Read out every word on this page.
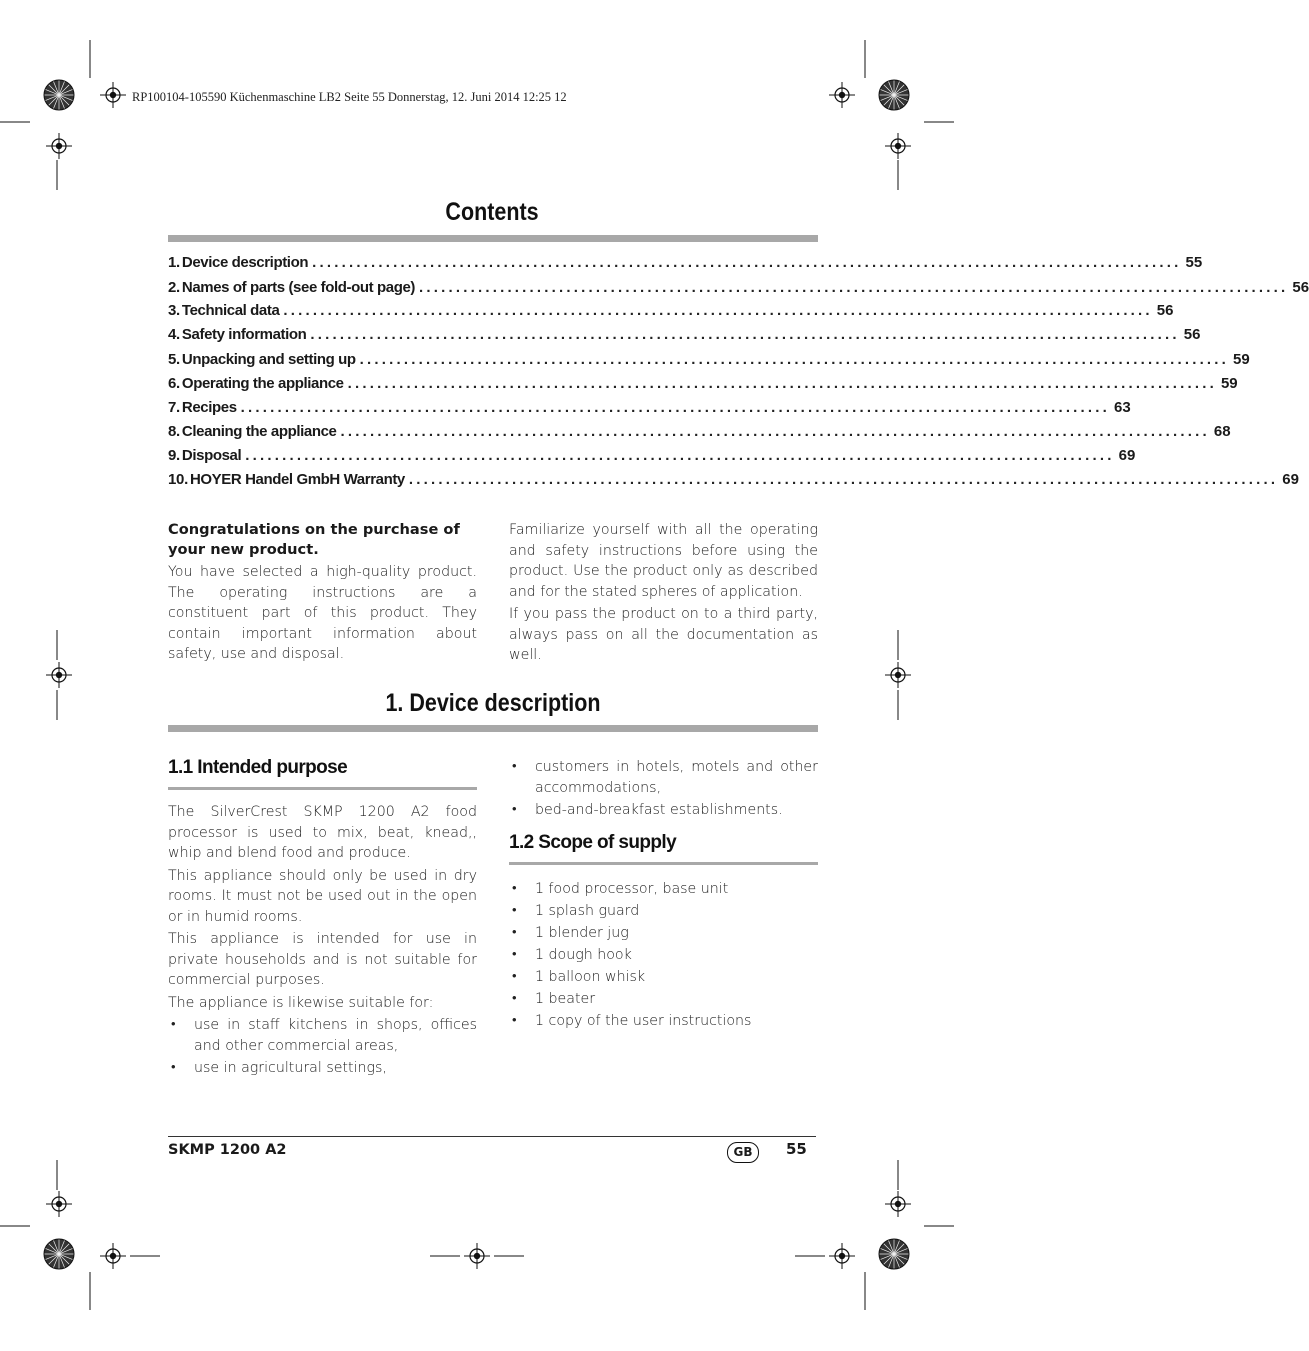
RP100104-105590 Küchenmaschine LB2 Seite 55 Donnerstag, 12. Juni 2014 12:25 12
Contents
1. Device description ...................................................................................................................... 55
2. Names of parts (see fold-out page) ...................................................................................................................... 56
3. Technical data ...................................................................................................................... 56
4. Safety information ...................................................................................................................... 56
5. Unpacking and setting up ...................................................................................................................... 59
6. Operating the appliance ...................................................................................................................... 59
7. Recipes ...................................................................................................................... 63
8. Cleaning the appliance ...................................................................................................................... 68
9. Disposal ...................................................................................................................... 69
10. HOYER Handel GmbH Warranty ...................................................................................................................... 69
Congratulations on the purchase of your new product.
You have selected a high-quality product. The operating instructions are a constituent part of this product. They contain important information about safety, use and disposal.

Familiarize yourself with all the operating and safety instructions before using the product. Use the product only as described and for the stated spheres of application.

If you pass the product on to a third party, always pass on all the documentation as well.

1. Device description
1.1 Intended purpose

The SilverCrest SKMP 1200 A2 food processor is used to mix, beat, knead,, whip and blend food and produce.

This appliance should only be used in dry rooms. It must not be used out in the open or in humid rooms.

This appliance is intended for use in private households and is not suitable for commercial purposes.

The appliance is likewise suitable for:

• use in staff kitchens in shops, offices and other commercial areas,
• use in agricultural settings,
• customers in hotels, motels and other accommodations,
• bed-and-breakfast establishments.
1.2 Scope of supply
• 1 food processor, base unit
• 1 splash guard
• 1 blender jug
• 1 dough hook
• 1 balloon whisk
• 1 beater
• 1 copy of the user instructions
SKMP 1200 A2	GB	55
